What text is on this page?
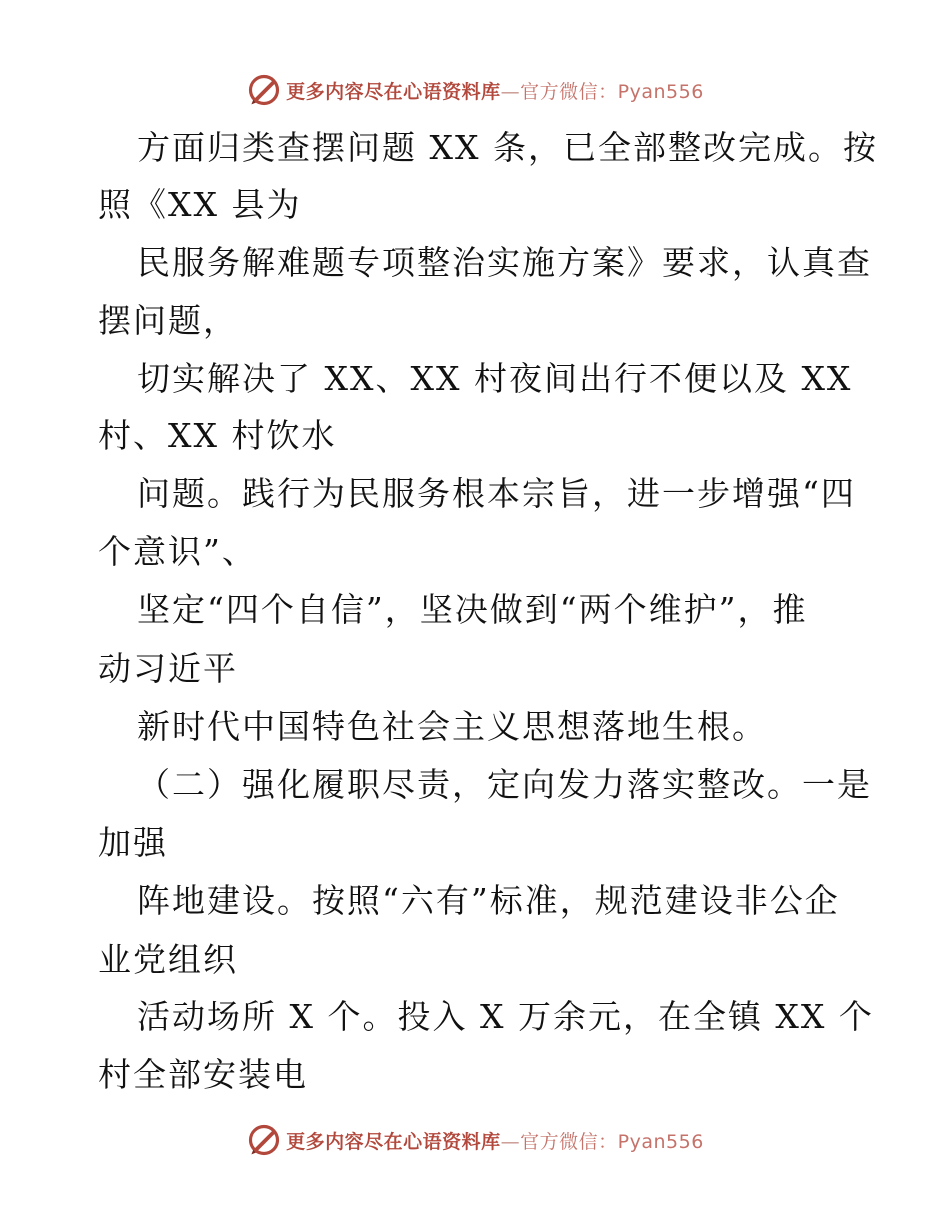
更多内容尽在心语资料库—官方微信：Pyan556
方面归类查摆问题 XX 条，已全部整改完成。按
照《XX 县为
民服务解难题专项整治实施方案》要求，认真查
摆问题，
切实解决了 XX、XX 村夜间出行不便以及 XX
村、XX 村饮水
问题。践行为民服务根本宗旨，进一步增强“四
个意识”、
坚定“四个自信”，坚决做到“两个维护”，推
动习近平
新时代中国特色社会主义思想落地生根。
（二）强化履职尽责，定向发力落实整改。一是
加强
阵地建设。按照“六有”标准，规范建设非公企
业党组织
活动场所 X 个。投入 X 万余元，在全镇 XX 个
村全部安装电
更多内容尽在心语资料库—官方微信：Pyan556
